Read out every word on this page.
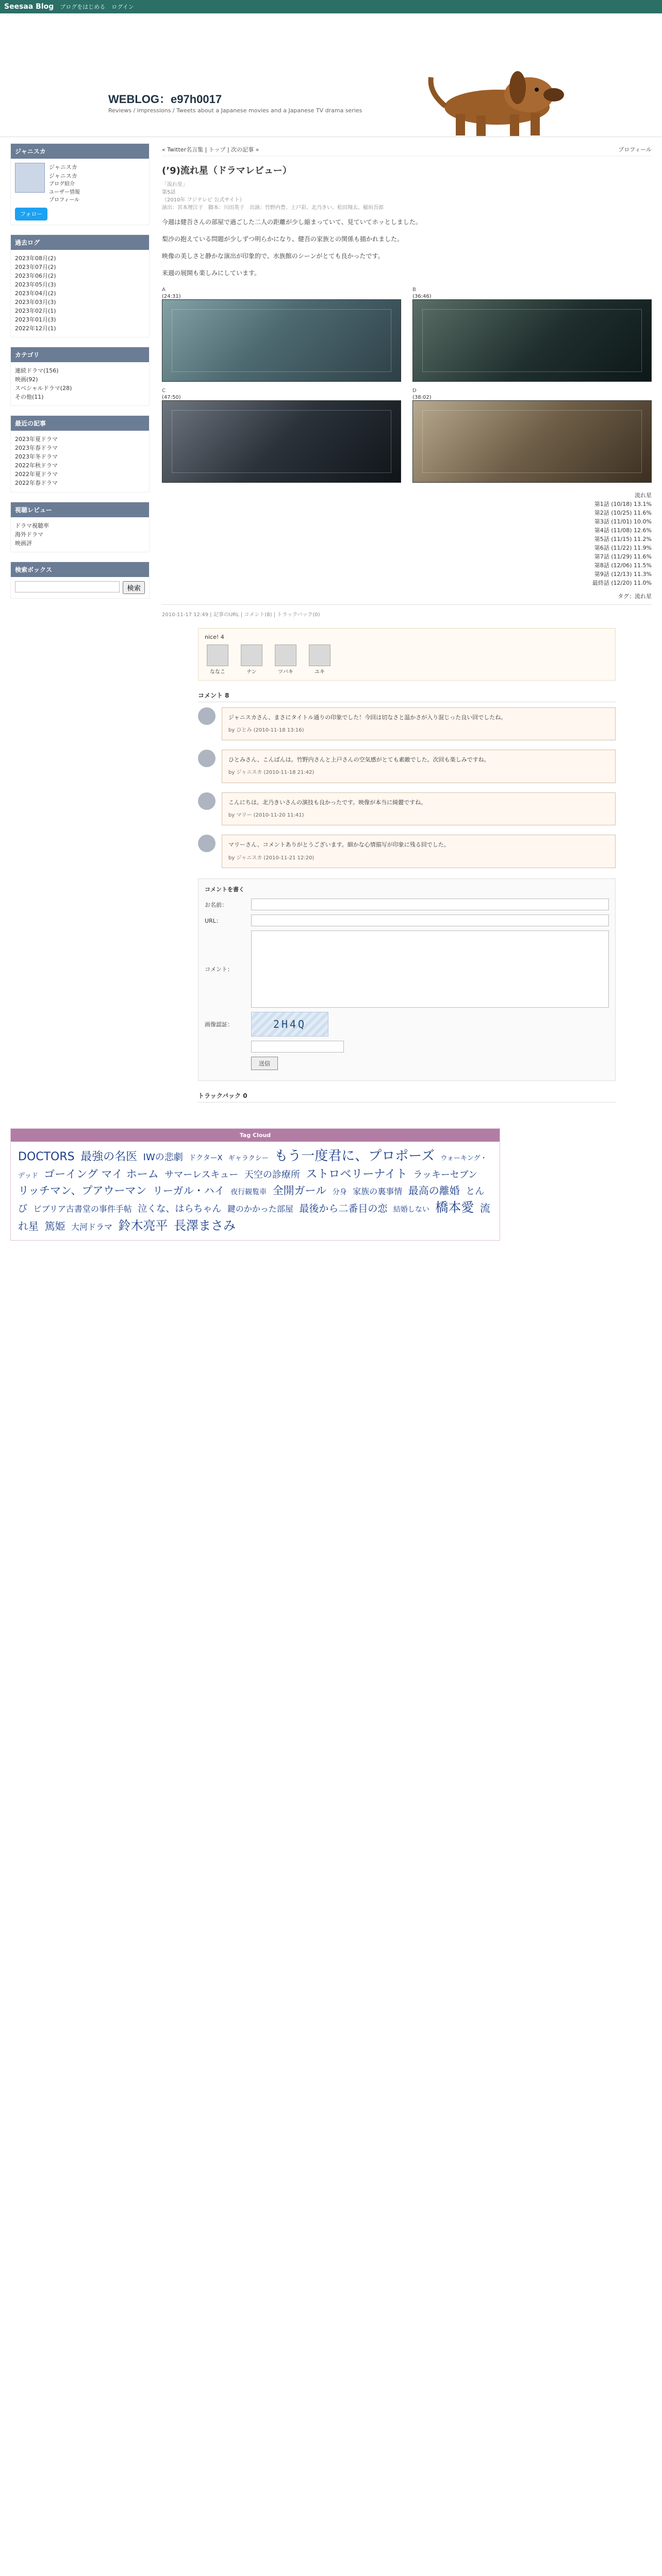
Seesaa Blog ブログをはじめる ログイン
WEBLOG：e97h0017
Reviews / impressions / Tweets about a Japanese movies and a Japanese TV drama series
ジャニスカ
ジャニスカ
ジャニスカ
ブログ紹介
ユーザー情報
プロフィール
フォロー
過去ログ
2023年08月(2)
2023年07月(2)
2023年06月(2)
2023年05月(3)
2023年04月(2)
2023年03月(3)
2023年02月(1)
2023年01月(3)
2022年12月(1)
カテゴリ
連続ドラマ(156)
映画(92)
スペシャルドラマ(28)
その他(11)
最近の記事
2023年夏ドラマ
2023年春ドラマ
2023年冬ドラマ
2022年秋ドラマ
2022年夏ドラマ
2022年春ドラマ
視聴レビュー
ドラマ視聴率
海外ドラマ
映画評
検索ボックス
検索
« Twitter名言集 | トップ | 次の記事 »	プロフィール
(’9)流れ星（ドラマレビュー）
「流れ星」
第5話
（2010年 フジテレビ 公式サイト）
演出：宮本理江子　脚本：川田英子　出演：竹野内豊、上戸彩、北乃きい、松田翔太、稲垣吾郎

今週は健吾さんの部屋で過ごした二人の距離が少し縮まっていて、見ていてホッとしました。

梨沙の抱えている問題が少しずつ明らかになり、健吾の家族との関係も描かれました。

映像の美しさと静かな演出が印象的で、水族館のシーンがとても良かったです。

来週の展開も楽しみにしています。

A
(24:31)
B
(36:46)
C
(47:50)
D
(38:02)
流れ星
第1話 (10/18) 13.1%
第2話 (10/25) 11.6%
第3話 (11/01) 10.0%
第4話 (11/08) 12.6%
第5話 (11/15) 11.2%
第6話 (11/22) 11.9%
第7話 (11/29) 11.6%
第8話 (12/06) 11.5%
第9話 (12/13) 11.3%
最終話 (12/20) 11.0%
タグ：流れ星
2010-11-17 12:49 | 記事のURL | コメント(8) | トラックバック(0)
nice! 4
ななこ	ナン	ツバキ	ユキ
コメント 8
ジャニスカさん、まさにタイトル通りの印象でした！今回は切なさと温かさが入り混じった良い回でしたね。
by ひとみ (2010-11-18 13:16)
ひとみさん、こんばんは。竹野内さんと上戸さんの空気感がとても素敵でした。次回も楽しみですね。
by ジャニスカ (2010-11-18 21:42)
こんにちは。北乃きいさんの演技も良かったです。映像が本当に綺麗ですね。
by マリー (2010-11-20 11:41)
マリーさん、コメントありがとうございます。細かな心情描写が印象に残る回でした。
by ジャニスカ (2010-11-21 12:20)
コメントを書く
お名前：
URL：
コメント：
画像認証：	2H4Q
送信
トラックバック 0
Tag Cloud
DOCTORS 最強の名医 IWの悲劇 ドクターX ギャラクシー もう一度君に、プロポーズ ウォーキング・デッド ゴーイング マイ ホーム サマーレスキュー 天空の診療所 ストロベリーナイト ラッキーセブン リッチマン、プアウーマン リーガル・ハイ 夜行観覧車 全開ガール 分身 家族の裏事情 最高の離婚 とんび ビブリア古書堂の事件手帖 泣くな、はらちゃん 鍵のかかった部屋 最後から二番目の恋 結婚しない 橋本愛 流れ星 篤姫 大河ドラマ 鈴木亮平 長澤まさみ
